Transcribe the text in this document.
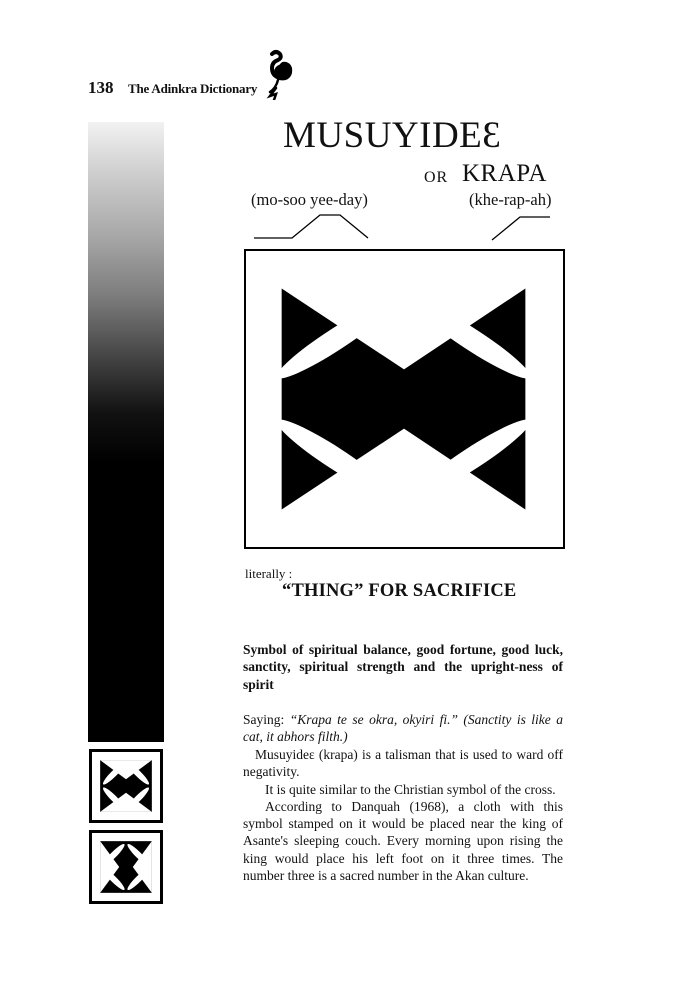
138 The Adinkra Dictionary
MUSUYIDEƐ
OR KRAPA
(mo-soo yee-day)	(khe-rap-ah)
literally :
“THING” FOR SACRIFICE
Symbol of spiritual balance, good fortune, good luck, sanctity, spiritual strength and the upright-ness of spirit
Saying: “Krapa te se okra, okyiri fi.” (Sanctity is like a cat, it abhors filth.)
Musuyideɛ (krapa) is a talisman that is used to ward off negativity.
It is quite similar to the Christian symbol of the cross.
According to Danquah (1968), a cloth with this symbol stamped on it would be placed near the king of Asante's sleeping couch. Every morning upon rising the king would place his left foot on it three times. The number three is a sacred number in the Akan culture.
